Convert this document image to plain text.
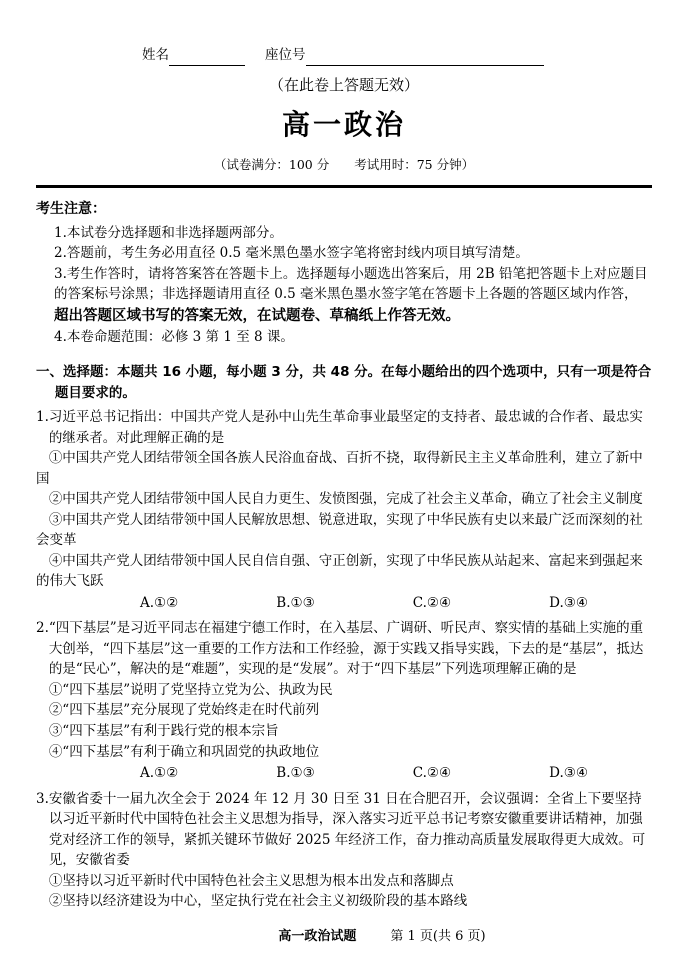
姓名	座位号
（在此卷上答题无效）
高一政治
（试卷满分：100 分　　考试用时：75 分钟）
考生注意：
1.本试卷分选择题和非选择题两部分。
2.答题前，考生务必用直径 0.5 毫米黑色墨水签字笔将密封线内项目填写清楚。
3.考生作答时，请将答案答在答题卡上。选择题每小题选出答案后，用 2B 铅笔把答题卡上对应题目的答案标号涂黑；非选择题请用直径 0.5 毫米黑色墨水签字笔在答题卡上各题的答题区域内作答，超出答题区域书写的答案无效，在试题卷、草稿纸上作答无效。
4.本卷命题范围：必修 3 第 1 至 8 课。
一、选择题：本题共 16 小题，每小题 3 分，共 48 分。在每小题给出的四个选项中，只有一项是符合题目要求的。

1.习近平总书记指出：中国共产党人是孙中山先生革命事业最坚定的支持者、最忠诚的合作者、最忠实的继承者。对此理解正确的是

①中国共产党人团结带领全国各族人民浴血奋战、百折不挠，取得新民主主义革命胜利，建立了新中国

②中国共产党人团结带领中国人民自力更生、发愤图强，完成了社会主义革命，确立了社会主义制度

③中国共产党人团结带领中国人民解放思想、锐意进取，实现了中华民族有史以来最广泛而深刻的社会变革

④中国共产党人团结带领中国人民自信自强、守正创新，实现了中华民族从站起来、富起来到强起来的伟大飞跃

A.①②	B.①③	C.②④	D.③④

2.“四下基层”是习近平同志在福建宁德工作时，在入基层、广调研、听民声、察实情的基础上实施的重大创举，“四下基层”这一重要的工作方法和工作经验，源于实践又指导实践，下去的是“基层”，抵达的是“民心”，解决的是“难题”，实现的是“发展”。对于“四下基层”下列选项理解正确的是

①“四下基层”说明了党坚持立党为公、执政为民

②“四下基层”充分展现了党始终走在时代前列

③“四下基层”有利于践行党的根本宗旨

④“四下基层”有利于确立和巩固党的执政地位

A.①②	B.①③	C.②④	D.③④

3.安徽省委十一届九次全会于 2024 年 12 月 30 日至 31 日在合肥召开，会议强调：全省上下要坚持以习近平新时代中国特色社会主义思想为指导，深入落实习近平总书记考察安徽重要讲话精神，加强党对经济工作的领导，紧抓关键环节做好 2025 年经济工作，奋力推动高质量发展取得更大成效。可见，安徽省委

①坚持以习近平新时代中国特色社会主义思想为根本出发点和落脚点

②坚持以经济建设为中心，坚定执行党在社会主义初级阶段的基本路线

高一政治试题	第 1 页(共 6 页)
